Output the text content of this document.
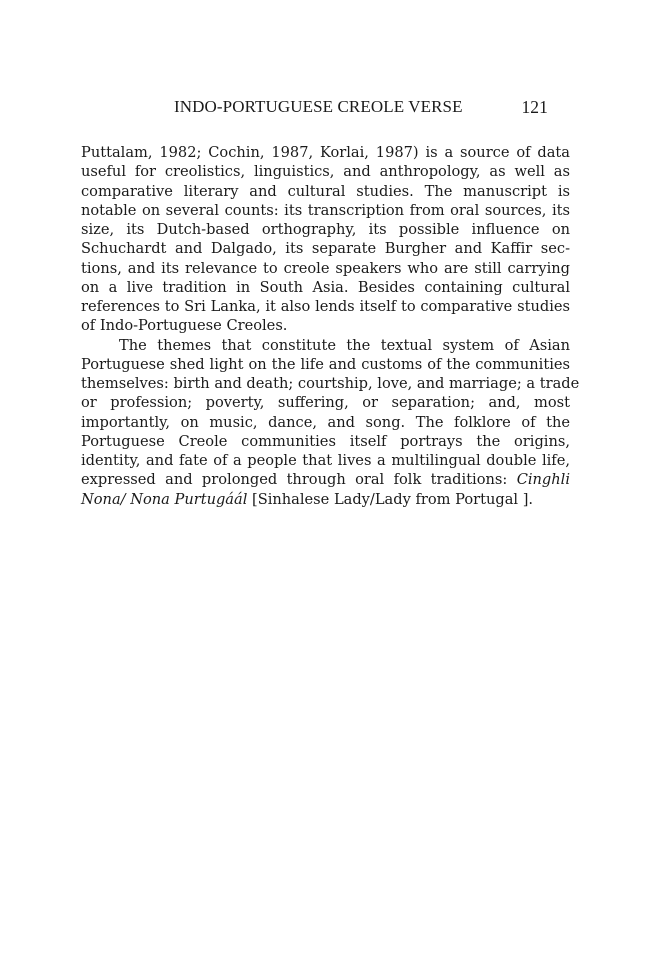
INDO-PORTUGUESE CREOLE VERSE	121
Puttalam, 1982; Cochin, 1987, Korlai, 1987) is a source of data
useful for creolistics, linguistics, and anthropology, as well as
comparative literary and cultural studies. The manuscript is
notable on several counts: its transcription from oral sources, its
size, its Dutch-based orthography, its possible influence on
Schuchardt and Dalgado, its separate Burgher and Kaffir sec-
tions, and its relevance to creole speakers who are still carrying
on a live tradition in South Asia. Besides containing cultural
references to Sri Lanka, it also lends itself to comparative studies
of Indo-Portuguese Creoles.
The themes that constitute the textual system of Asian
Portuguese shed light on the life and customs of the communities
themselves: birth and death; courtship, love, and marriage; a trade
or profession; poverty, suffering, or separation; and, most
importantly, on music, dance, and song. The folklore of the
Portuguese Creole communities itself portrays the origins,
identity, and fate of a people that lives a multilingual double life,
expressed and prolonged through oral folk traditions: Cinghli
Nona/ Nona Purtugáál [Sinhalese Lady/Lady from Portugal ].
